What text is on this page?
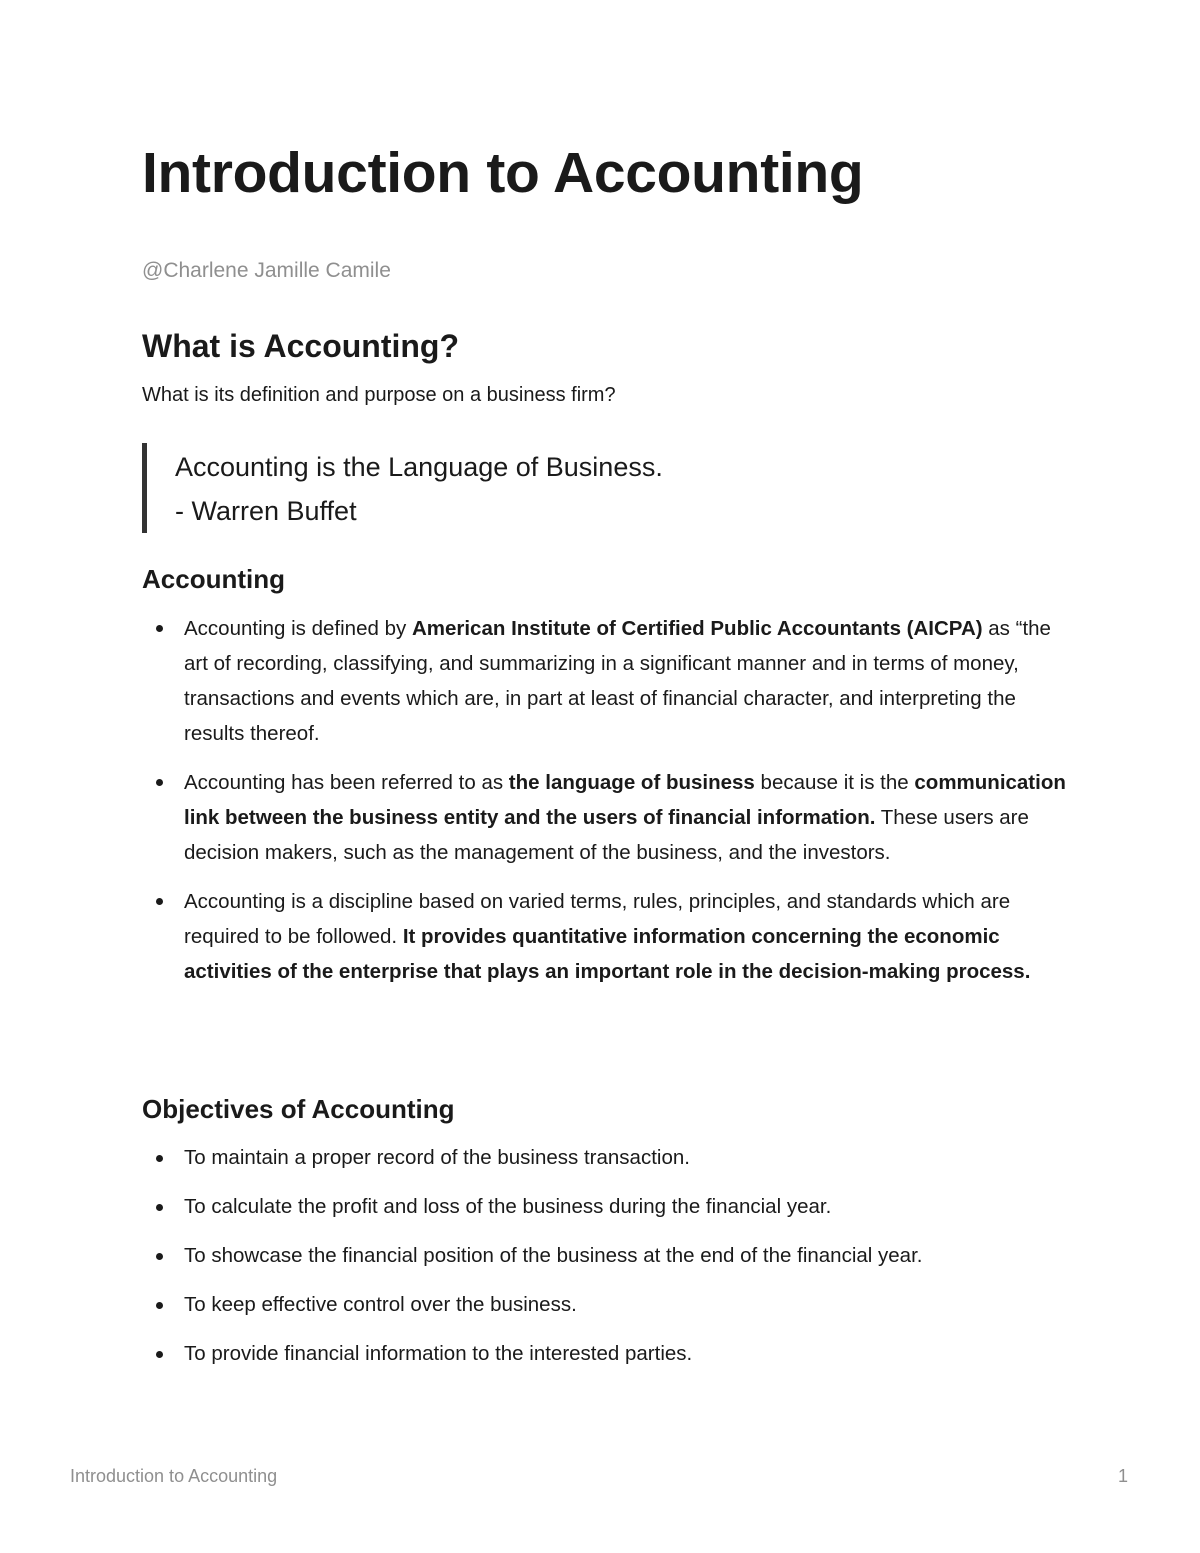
Introduction to Accounting
@Charlene Jamille Camile
What is Accounting?
What is its definition and purpose on a business firm?
Accounting is the Language of Business.
- Warren Buffet
Accounting
Accounting is defined by American Institute of Certified Public Accountants (AICPA) as “the art of recording, classifying, and summarizing in a significant manner and in terms of money, transactions and events which are, in part at least of financial character, and interpreting the results thereof.
Accounting has been referred to as the language of business because it is the communication link between the business entity and the users of financial information. These users are decision makers, such as the management of the business, and the investors.
Accounting is a discipline based on varied terms, rules, principles, and standards which are required to be followed. It provides quantitative information concerning the economic activities of the enterprise that plays an important role in the decision-making process.
Objectives of Accounting
To maintain a proper record of the business transaction.
To calculate the profit and loss of the business during the financial year.
To showcase the financial position of the business at the end of the financial year.
To keep effective control over the business.
To provide financial information to the interested parties.
Introduction to Accounting	1
